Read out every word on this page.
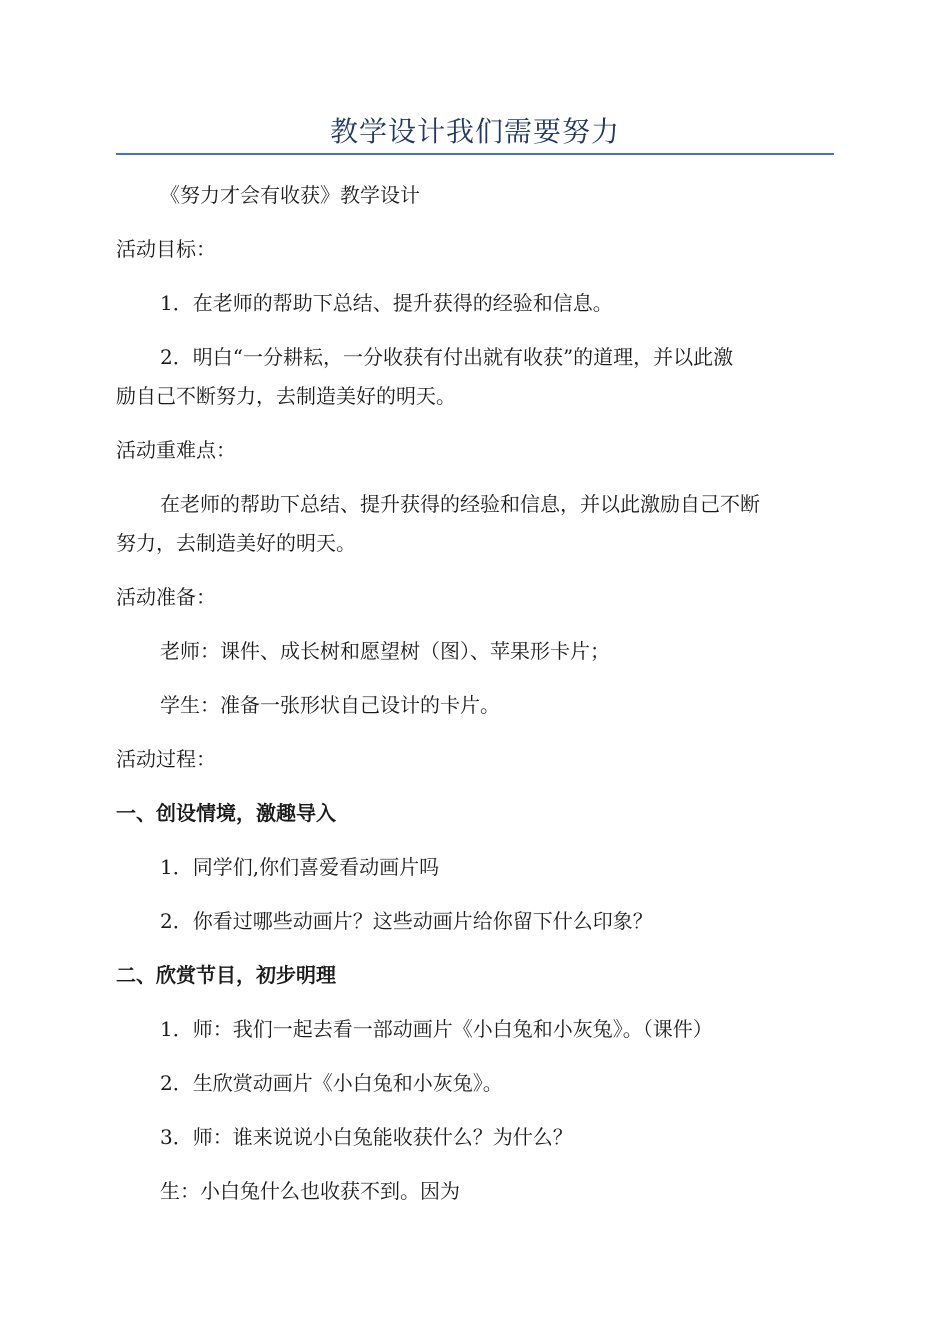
教学设计我们需要努力
《努力才会有收获》教学设计
活动目标：
1．在老师的帮助下总结、提升获得的经验和信息。
2．明白“一分耕耘，一分收获有付出就有收获”的道理，并以此激
励自己不断努力，去制造美好的明天。
活动重难点：
在老师的帮助下总结、提升获得的经验和信息，并以此激励自己不断
努力，去制造美好的明天。
活动准备：
老师：课件、成长树和愿望树（图）、苹果形卡片；
学生：准备一张形状自己设计的卡片。
活动过程：
一、创设情境，激趣导入
1．同学们,你们喜爱看动画片吗
2．你看过哪些动画片？这些动画片给你留下什么印象？
二、欣赏节目，初步明理
1．师：我们一起去看一部动画片《小白兔和小灰兔》。（课件）
2．生欣赏动画片《小白兔和小灰兔》。
3．师：谁来说说小白兔能收获什么？为什么？
生：小白兔什么也收获不到。因为
